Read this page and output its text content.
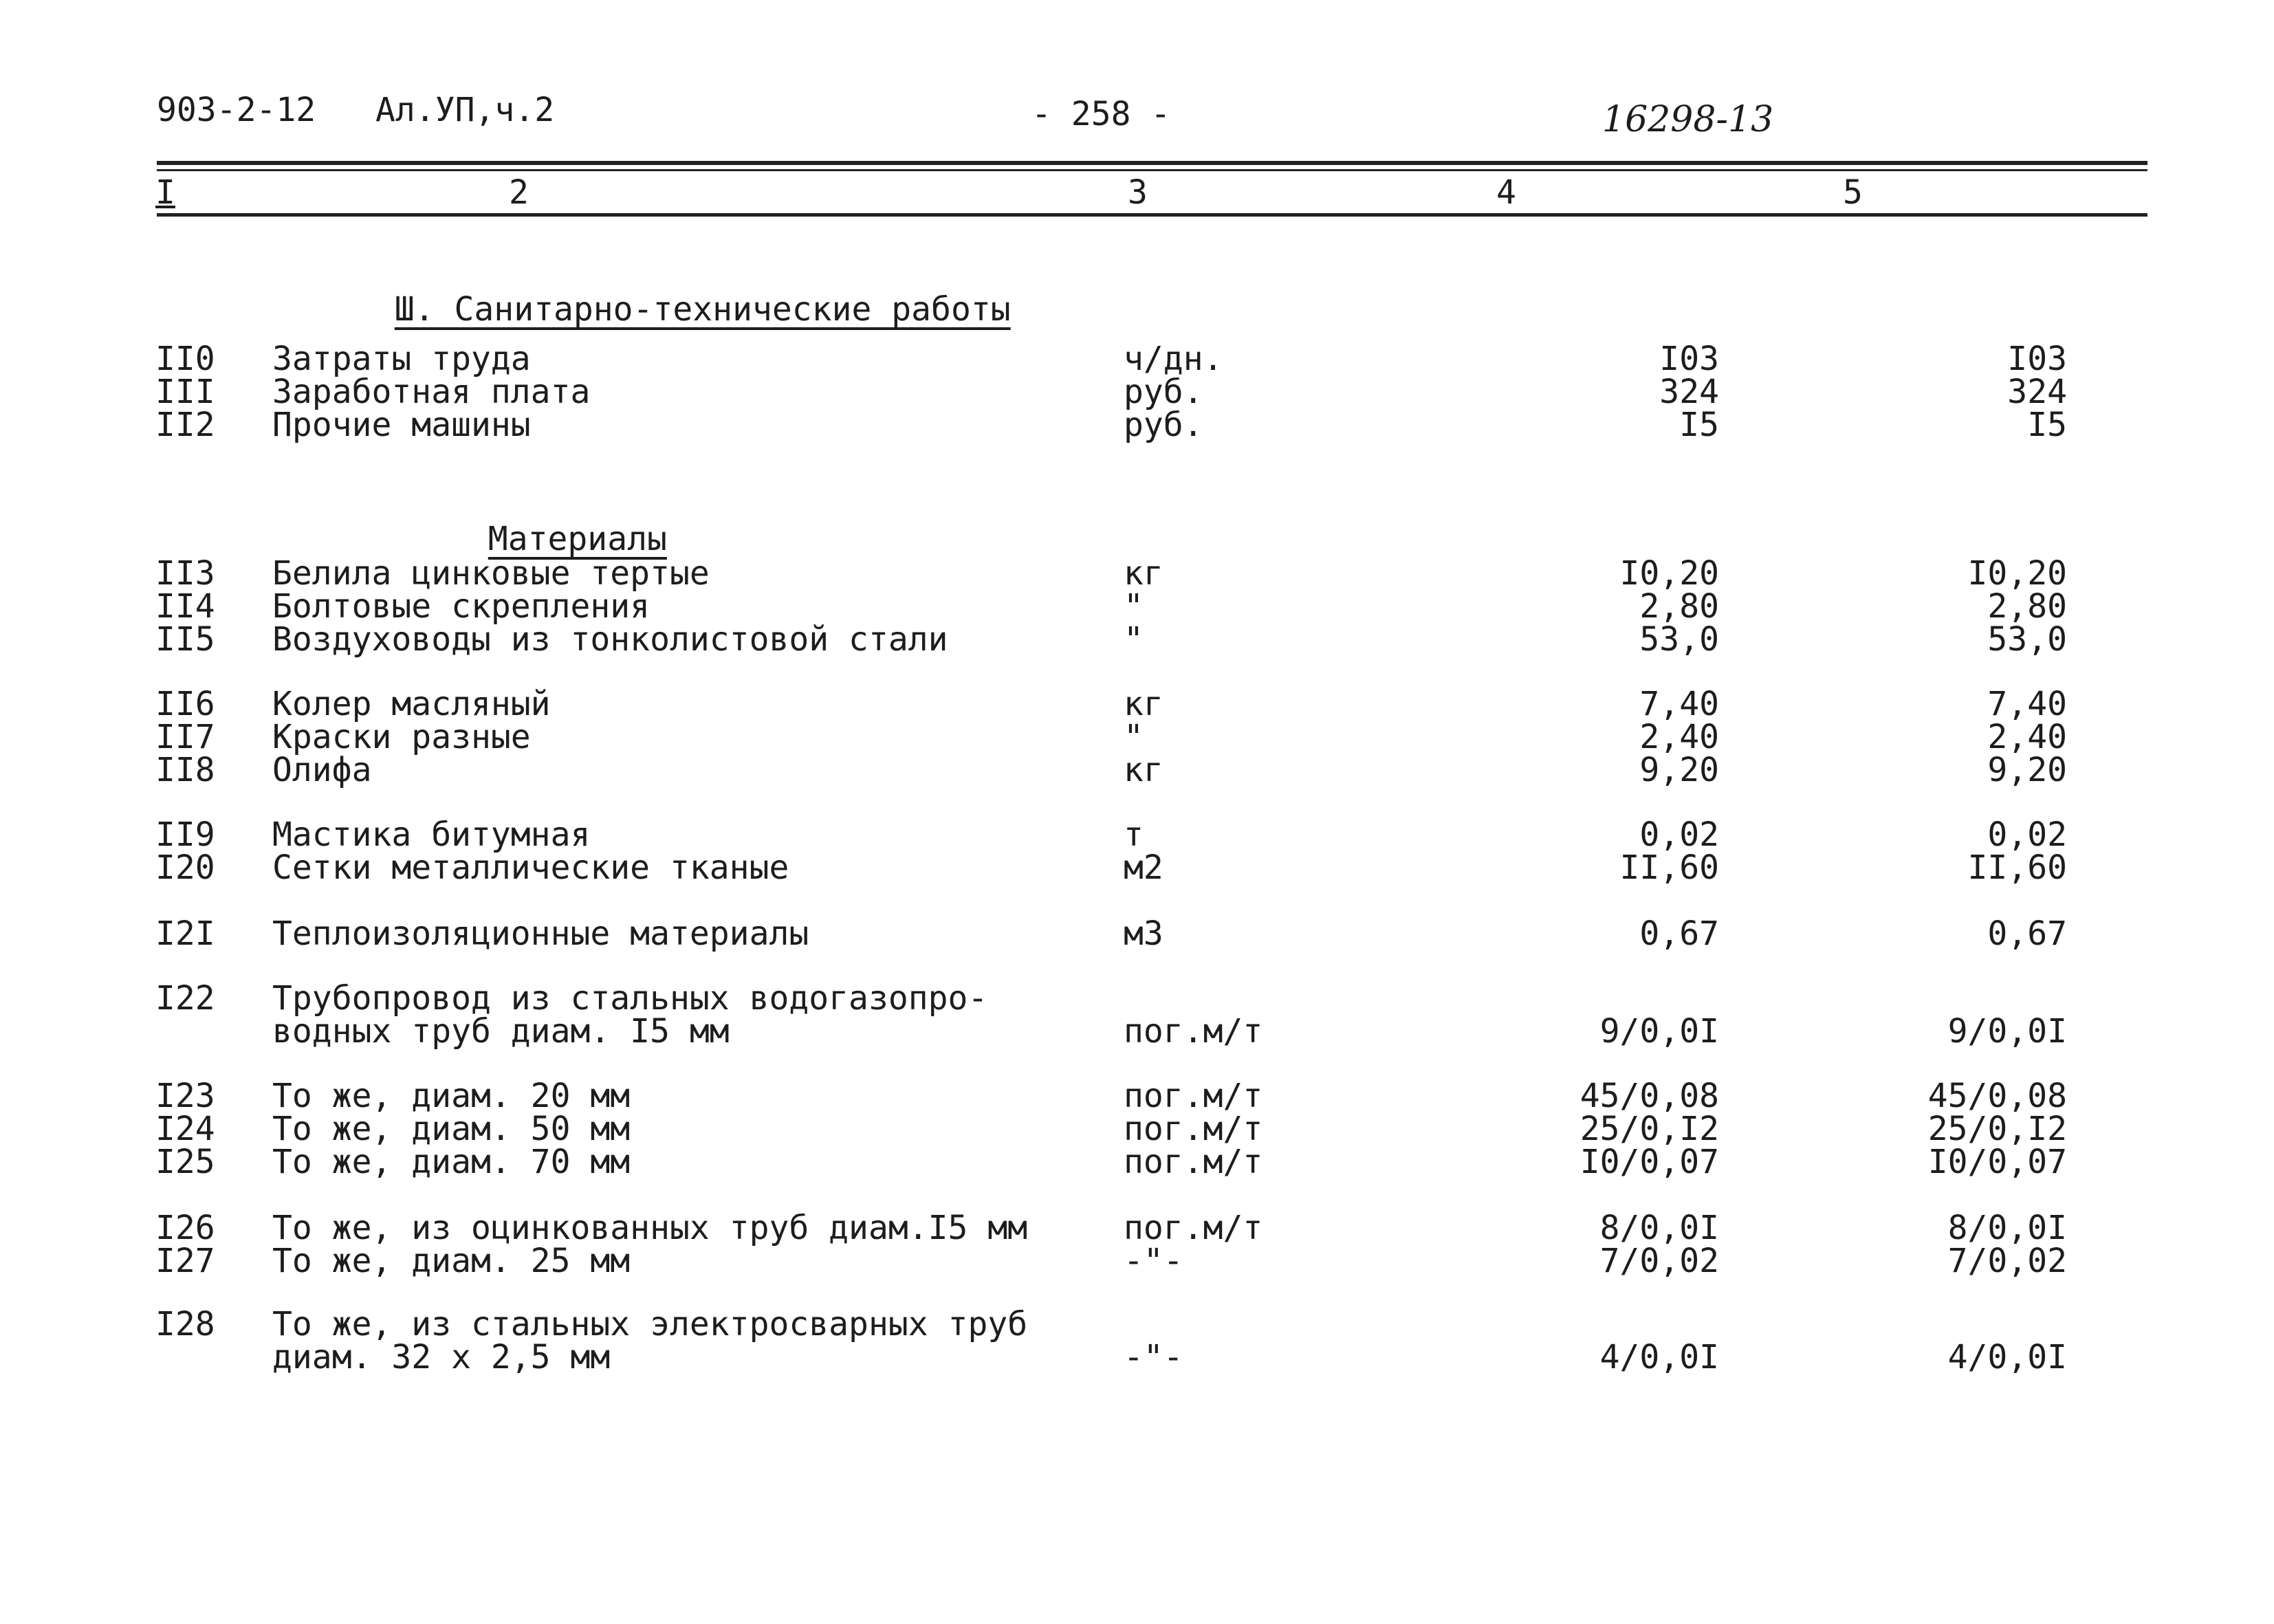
903-2-12 Ал.УП,ч.2	- 258 -	16298-13
I	2	3	4	5

Ш. Санитарно-технические работы

II0 Затраты труда	ч/дн.	I03	I03
III Заработная плата	руб.	324	324
II2 Прочие машины	руб.	I5	I5

Материалы

II3 Белила цинковые тертые	кг	I0,20	I0,20
II4 Болтовые скрепления	"	2,80	2,80
II5 Воздуховоды из тонколистовой стали	"	53,0	53,0
II6 Колер масляный	кг	7,40	7,40
II7 Краски разные	"	2,40	2,40
II8 Олифа	кг	9,20	9,20
II9 Мастика битумная	т	0,02	0,02
I20 Сетки металлические тканые	м2	II,60	II,60
I2I Теплоизоляционные материалы	м3	0,67	0,67
I22 Трубопровод из стальных водогазопро-
водных труб диам. I5 мм	пог.м/т	9/0,0I	9/0,0I
I23 То же, диам. 20 мм	пог.м/т	45/0,08	45/0,08
I24 То же, диам. 50 мм	пог.м/т	25/0,I2	25/0,I2
I25 То же, диам. 70 мм	пог.м/т	I0/0,07	I0/0,07
I26 То же, из оцинкованных труб диам.I5 мм	пог.м/т	8/0,0I	8/0,0I
I27 То же, диам. 25 мм	-"-	7/0,02	7/0,02
I28 То же, из стальных электросварных труб
диам. 32 х 2,5 мм	-"-	4/0,0I	4/0,0I
